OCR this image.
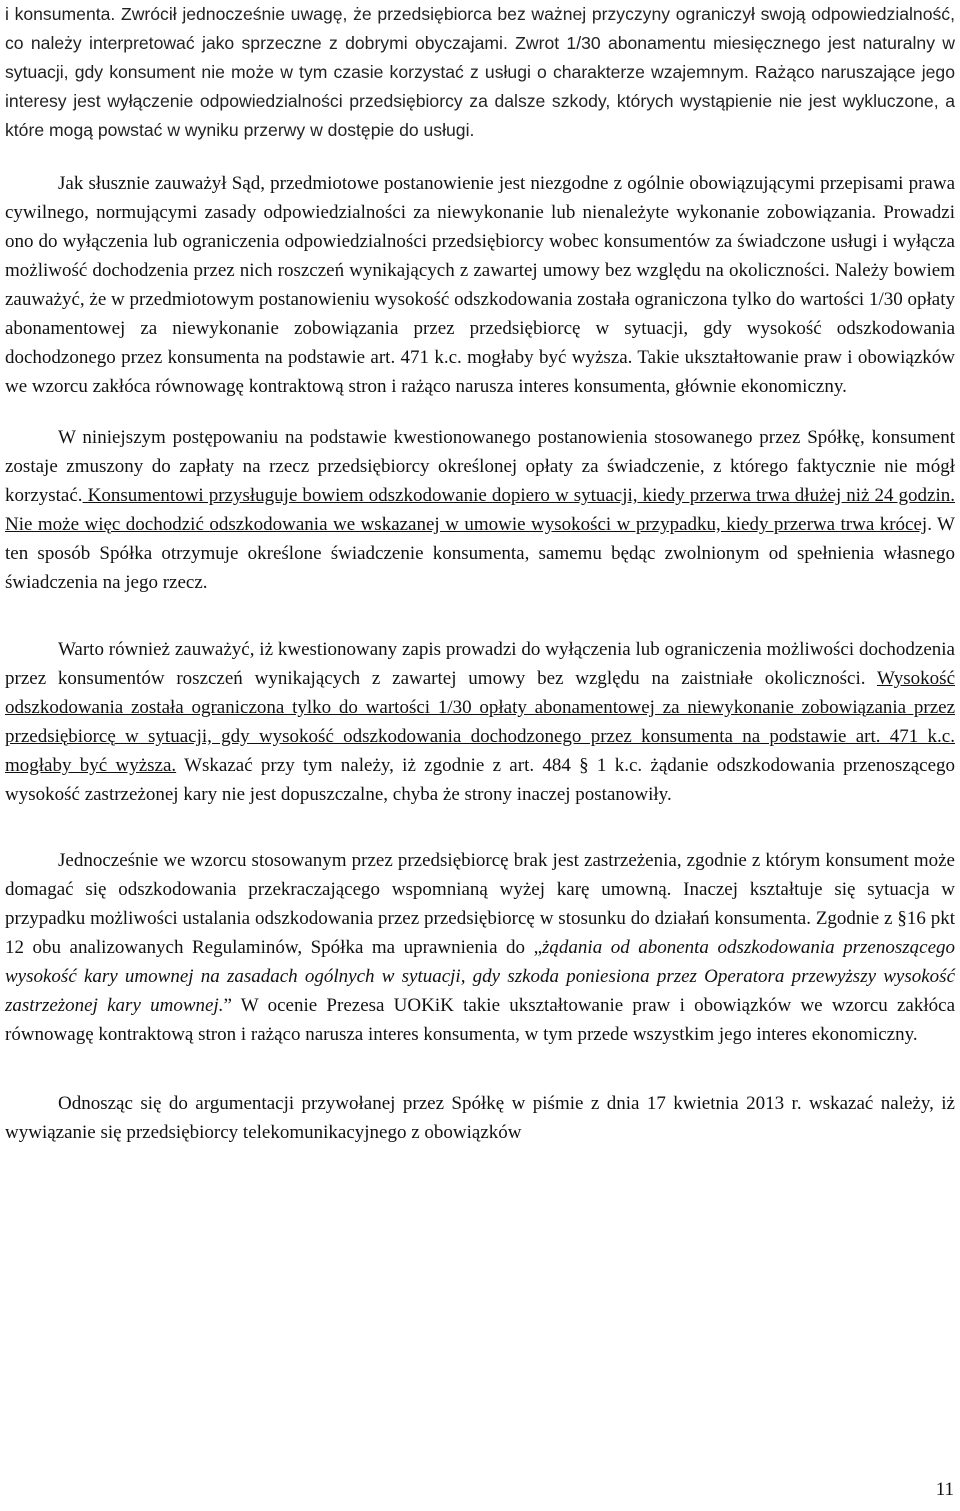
i konsumenta. Zwrócił jednocześnie uwagę, że przedsiębiorca bez ważnej przyczyny ograniczył swoją odpowiedzialność, co należy interpretować jako sprzeczne z dobrymi obyczajami. Zwrot 1/30 abonamentu miesięcznego jest naturalny w sytuacji, gdy konsument nie może w tym czasie korzystać z usługi o charakterze wzajemnym. Rażąco naruszające jego interesy jest wyłączenie odpowiedzialności przedsiębiorcy za dalsze szkody, których wystąpienie nie jest wykluczone, a które mogą powstać w wyniku przerwy w dostępie do usługi.

Jak słusznie zauważył Sąd, przedmiotowe postanowienie jest niezgodne z ogólnie obowiązującymi przepisami prawa cywilnego, normującymi zasady odpowiedzialności za niewykonanie lub nienależyte wykonanie zobowiązania. Prowadzi ono do wyłączenia lub ograniczenia odpowiedzialności przedsiębiorcy wobec konsumentów za świadczone usługi i wyłącza możliwość dochodzenia przez nich roszczeń wynikających z zawartej umowy bez względu na okoliczności. Należy bowiem zauważyć, że w przedmiotowym postanowieniu wysokość odszkodowania została ograniczona tylko do wartości 1/30 opłaty abonamentowej za niewykonanie zobowiązania przez przedsiębiorcę w sytuacji, gdy wysokość odszkodowania dochodzonego przez konsumenta na podstawie art. 471 k.c. mogłaby być wyższa. Takie ukształtowanie praw i obowiązków we wzorcu zakłóca równowagę kontraktową stron i rażąco narusza interes konsumenta, głównie ekonomiczny.

W niniejszym postępowaniu na podstawie kwestionowanego postanowienia stosowanego przez Spółkę, konsument zostaje zmuszony do zapłaty na rzecz przedsiębiorcy określonej opłaty za świadczenie, z którego faktycznie nie mógł korzystać. Konsumentowi przysługuje bowiem odszkodowanie dopiero w sytuacji, kiedy przerwa trwa dłużej niż 24 godzin. Nie może więc dochodzić odszkodowania we wskazanej w umowie wysokości w przypadku, kiedy przerwa trwa krócej. W ten sposób Spółka otrzymuje określone świadczenie konsumenta, samemu będąc zwolnionym od spełnienia własnego świadczenia na jego rzecz.

Warto również zauważyć, iż kwestionowany zapis prowadzi do wyłączenia lub ograniczenia możliwości dochodzenia przez konsumentów roszczeń wynikających z zawartej umowy bez względu na zaistniałe okoliczności. Wysokość odszkodowania została ograniczona tylko do wartości 1/30 opłaty abonamentowej za niewykonanie zobowiązania przez przedsiębiorcę w sytuacji, gdy wysokość odszkodowania dochodzonego przez konsumenta na podstawie art. 471 k.c. mogłaby być wyższa. Wskazać przy tym należy, iż zgodnie z art. 484 § 1 k.c. żądanie odszkodowania przenoszącego wysokość zastrzeżonej kary nie jest dopuszczalne, chyba że strony inaczej postanowiły.

Jednocześnie we wzorcu stosowanym przez przedsiębiorcę brak jest zastrzeżenia, zgodnie z którym konsument może domagać się odszkodowania przekraczającego wspomnianą wyżej karę umowną. Inaczej kształtuje się sytuacja w przypadku możliwości ustalania odszkodowania przez przedsiębiorcę w stosunku do działań konsumenta. Zgodnie z §16 pkt 12 obu analizowanych Regulaminów, Spółka ma uprawnienia do „żądania od abonenta odszkodowania przenoszącego wysokość kary umownej na zasadach ogólnych w sytuacji, gdy szkoda poniesiona przez Operatora przewyższy wysokość zastrzeżonej kary umownej.” W ocenie Prezesa UOKiK takie ukształtowanie praw i obowiązków we wzorcu zakłóca równowagę kontraktową stron i rażąco narusza interes konsumenta, w tym przede wszystkim jego interes ekonomiczny.

Odnosząc się do argumentacji przywołanej przez Spółkę w piśmie z dnia 17 kwietnia 2013 r. wskazać należy, iż wywiązanie się przedsiębiorcy telekomunikacyjnego z obowiązków

11
